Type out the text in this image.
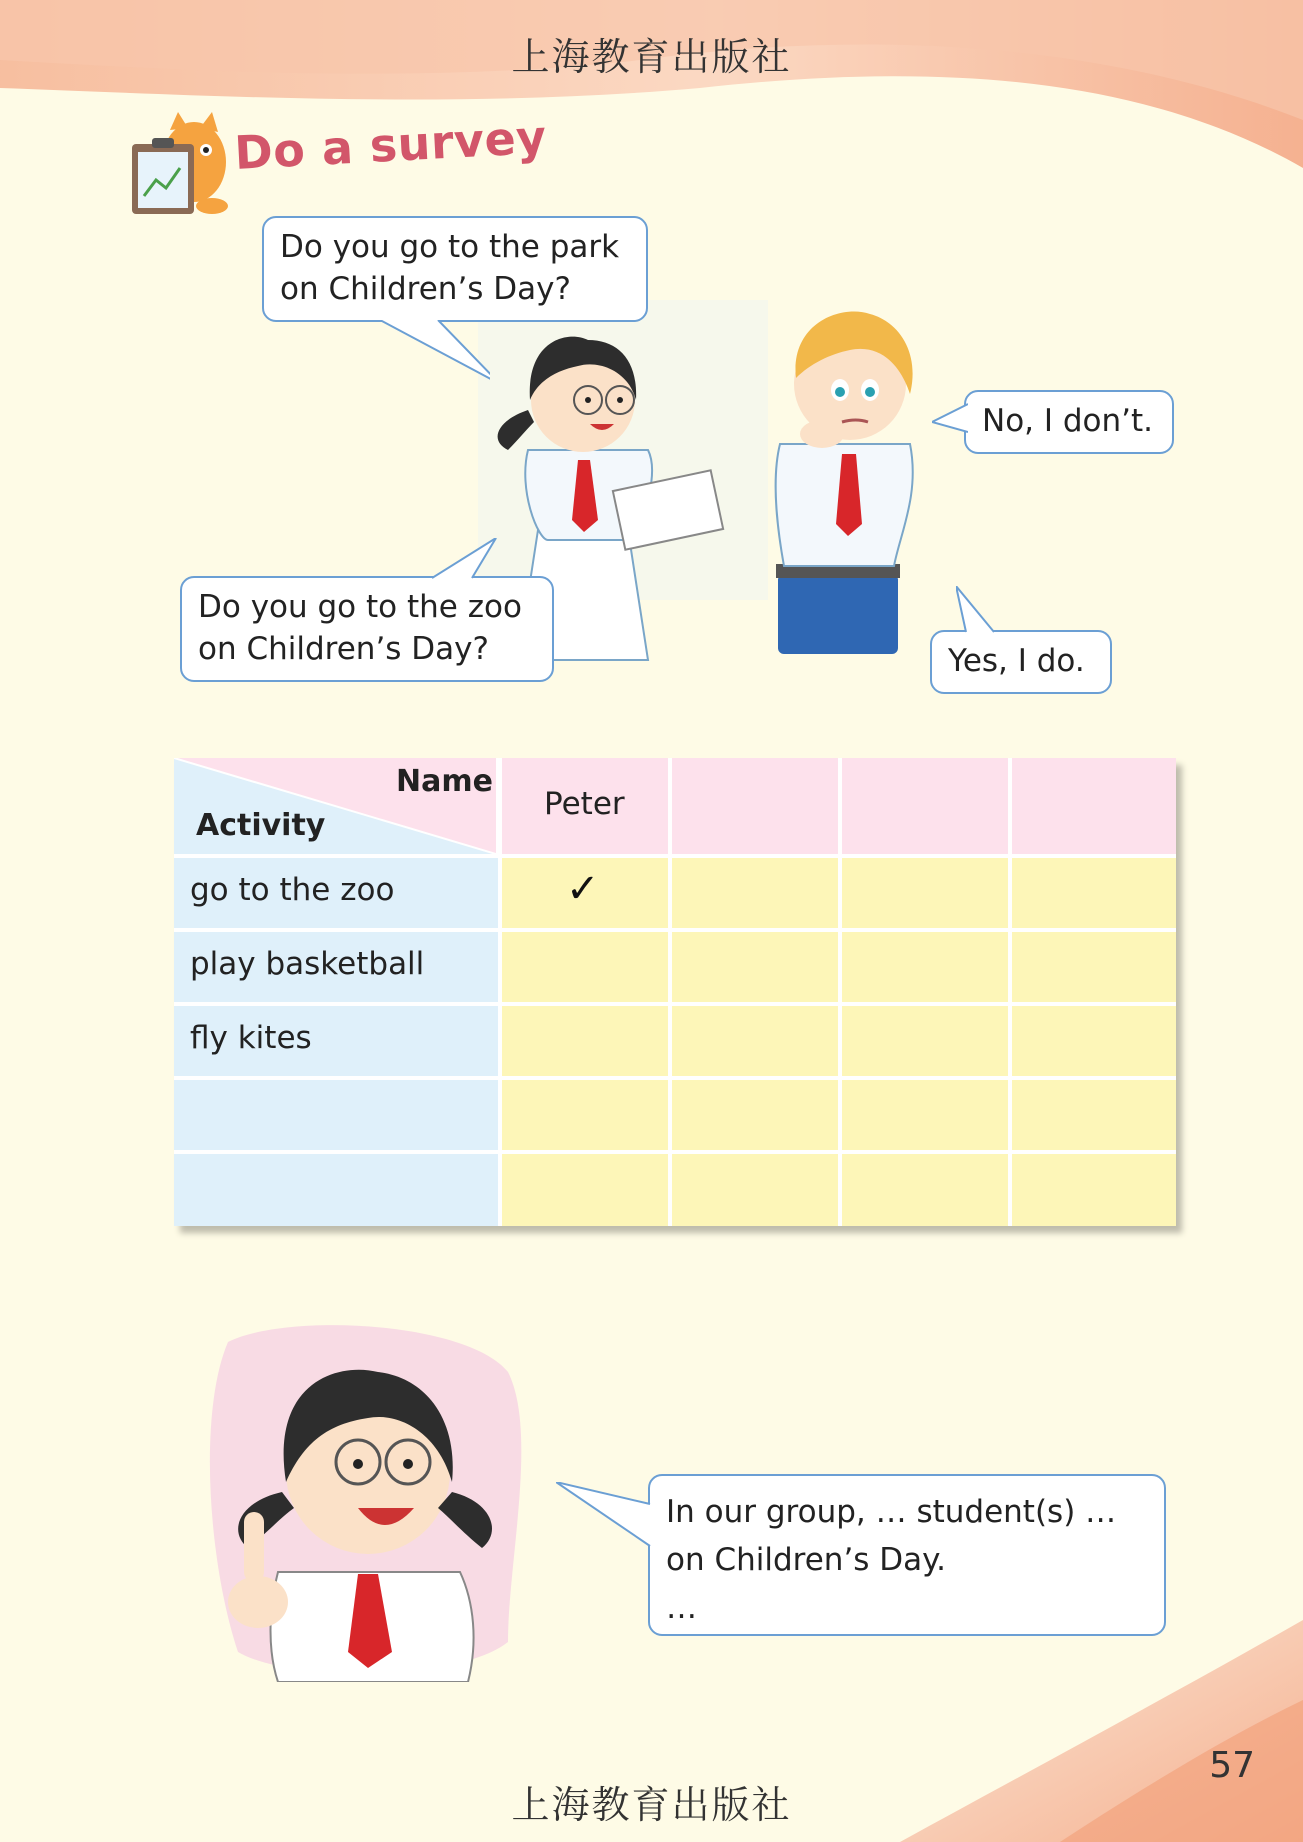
上海教育出版社
Do a survey
Do you go to the park
on Children’s Day?
No, I don’t.
Do you go to the zoo
on Children’s Day?	Yes, I do.
Name
Activity
Peter
go to the zoo	✓
play basketball
fly kites
In our group, … student(s) …
on Children’s Day.
…
57
上海教育出版社
